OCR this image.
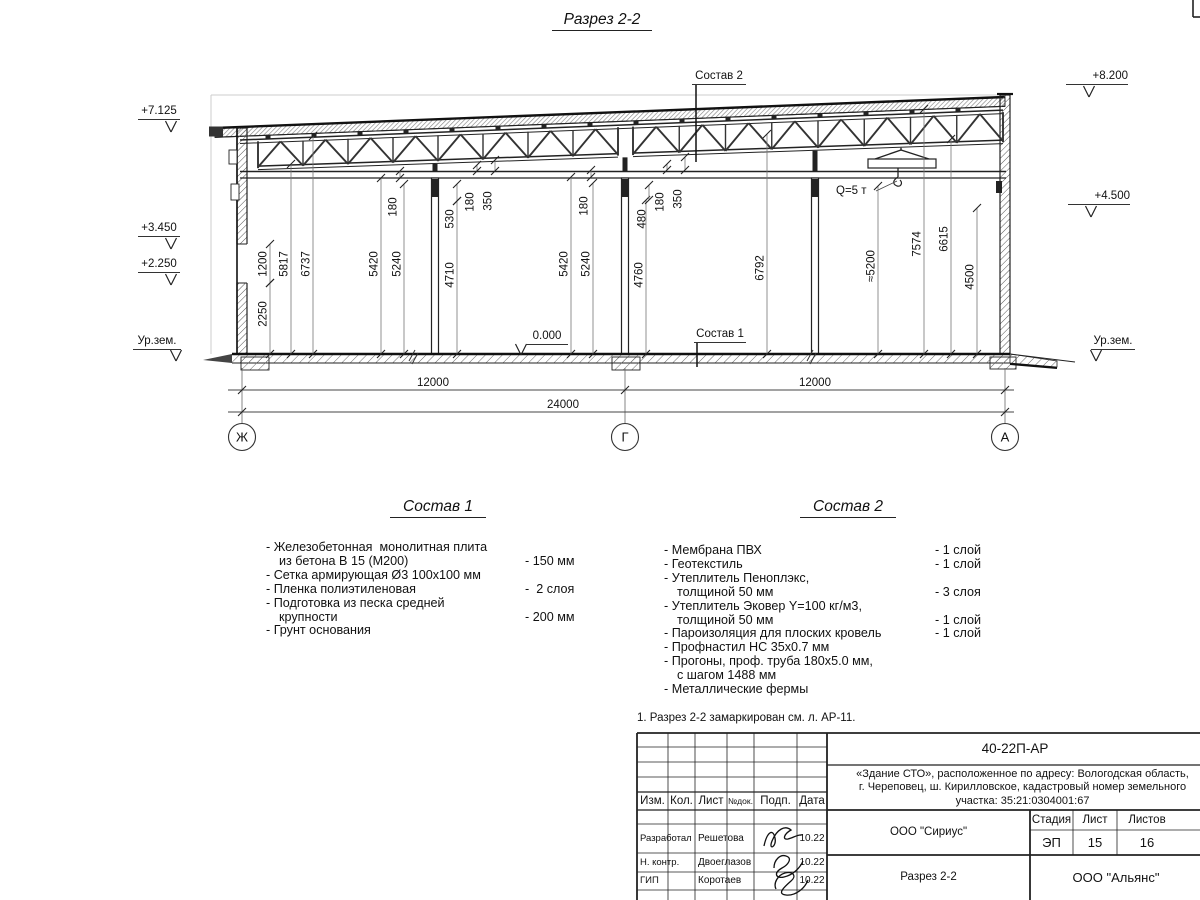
1200
2250
5817 6737	5420 5240
180
530
180 350
4710	5420 5240
180
4760
480
180 350
6792	≈5200
7574 6615
4500
12000	12000
24000
Ж	Г	А
Разрез 2-2
Состав 1	Состав 2
Состав 2
Состав 1
0.000
Q=5 т
- Железобетонная  монолитная плита
из бетона В 15 (М200)	- 150 мм
- Сетка армирующая Ø3 100х100 мм
- Пленка полиэтиленовая	-  2 слоя
- Подготовка из песка средней
крупности	- 200 мм
- Грунт основания
- Мембрана ПВХ	- 1 слой
- Геотекстиль	- 1 слой
- Утеплитель Пеноплэкс,
толщиной 50 мм	- 3 слоя
- Утеплитель Эковер Y=100 кг/м3,
толщиной 50 мм	- 1 слой
- Пароизоляция для плоских кровель	- 1 слой
- Профнастил НС 35х0.7 мм
- Прогоны, проф. труба 180х5.0 мм,
с шагом 1488 мм
- Металлические фермы
1. Разрез 2-2 замаркирован см. л. АР-11.
40-22П-АР
«Здание СТО», расположенное по адресу: Вологодская область,
г. Череповец, ш. Кирилловское, кадастровый номер земельного
участка: 35:21:0304001:67
ООО "Сириус"
Разрез 2-2	ООО "Альянс"
+7.125
+3.450
+2.250
Ур.зем.
+8.200
+4.500
Ур.зем.
Изм. Кол. Лист №док. Подп. Дата
Разработал Решетова	10.22
Н. контр.	Двоеглазов	10.22
ГИП	Коротаев	10.22
Стадия Лист	Листов
ЭП	15	16
